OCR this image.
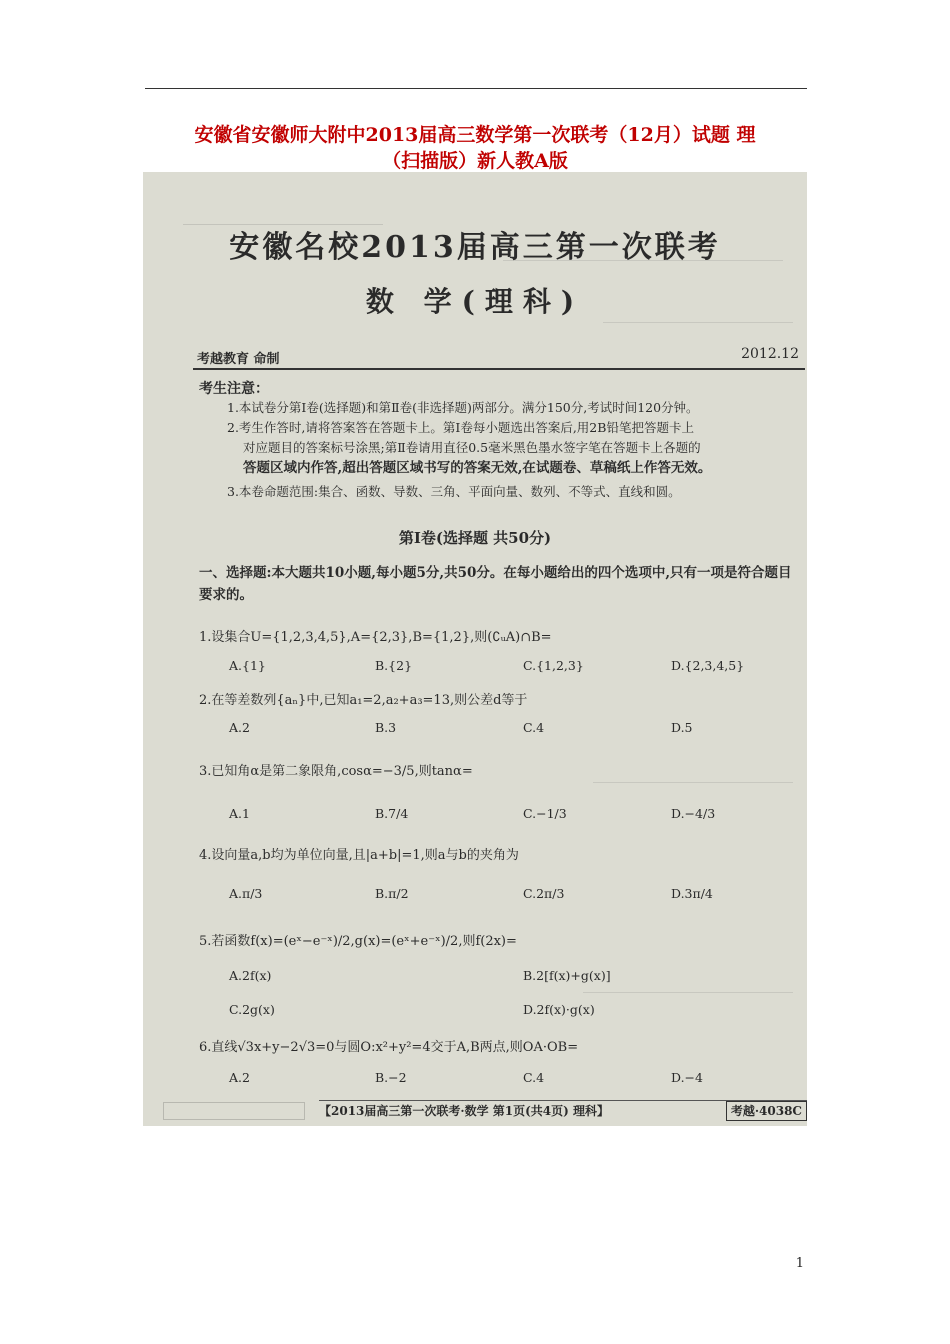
安徽省安徽师大附中2013届高三数学第一次联考（12月）试题 理
（扫描版）新人教A版
安徽名校2013届高三第一次联考
数 学(理科)
考越教育 命制	2012.12
考生注意：
1.本试卷分第Ⅰ卷(选择题)和第Ⅱ卷(非选择题)两部分。满分150分,考试时间120分钟。
2.考生作答时,请将答案答在答题卡上。第Ⅰ卷每小题选出答案后,用2B铅笔把答题卡上
对应题目的答案标号涂黑;第Ⅱ卷请用直径0.5毫米黑色墨水签字笔在答题卡上各题的
答题区域内作答,超出答题区域书写的答案无效,在试题卷、草稿纸上作答无效。
3.本卷命题范围:集合、函数、导数、三角、平面向量、数列、不等式、直线和圆。
第Ⅰ卷(选择题 共50分)
一、选择题:本大题共10小题,每小题5分,共50分。在每小题给出的四个选项中,只有一项是符合题目要求的。
1.设集合U={1,2,3,4,5},A={2,3},B={1,2},则(∁ᵤA)∩B=
A.{1}	B.{2}	C.{1,2,3}	D.{2,3,4,5}
2.在等差数列{aₙ}中,已知a₁=2,a₂+a₃=13,则公差d等于
A.2	B.3	C.4	D.5
3.已知角α是第二象限角,cosα=−3/5,则tanα=
A.1	B.7/4	C.−1/3	D.−4/3
4.设向量a,b均为单位向量,且|a+b|=1,则a与b的夹角为
A.π/3	B.π/2	C.2π/3	D.3π/4
5.若函数f(x)=(eˣ−e⁻ˣ)/2,g(x)=(eˣ+e⁻ˣ)/2,则f(2x)=
A.2f(x)	B.2[f(x)+g(x)]
C.2g(x)	D.2f(x)·g(x)
6.直线√3x+y−2√3=0与圆O:x²+y²=4交于A,B两点,则OA·OB=
A.2	B.−2	C.4	D.−4
【2013届高三第一次联考·数学 第1页(共4页) 理科】	考越·4038C
1
